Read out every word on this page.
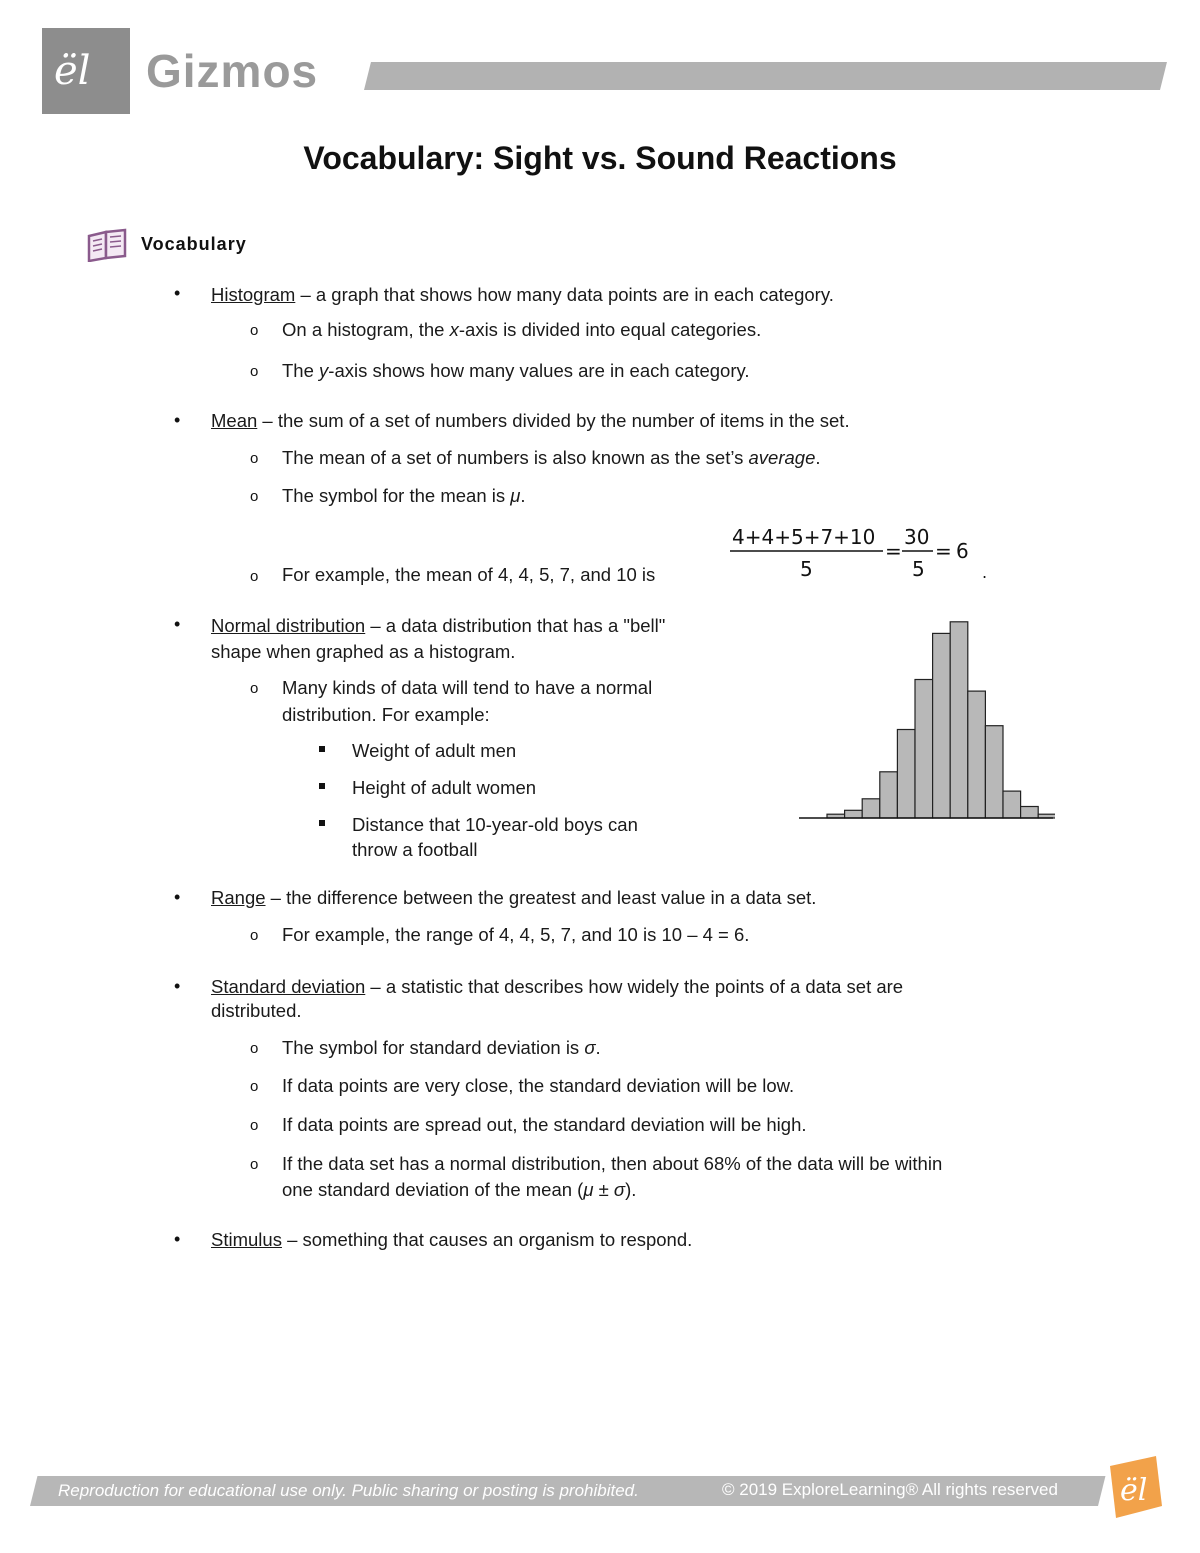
ël Gizmos
Vocabulary: Sight vs. Sound Reactions
Vocabulary
• Histogram – a graph that shows how many data points are in each category.
o On a histogram, the x-axis is divided into equal categories.
o The y-axis shows how many values are in each category.
• Mean – the sum of a set of numbers divided by the number of items in the set.
o The mean of a set of numbers is also known as the set’s average.
o The symbol for the mean is μ.
o For example, the mean of 4, 4, 5, 7, and 10 is
4+4+5+7+10
5
=
30
5
= 6
.
• Normal distribution – a data distribution that has a "bell"
shape when graphed as a histogram.
o Many kinds of data will tend to have a normal
distribution. For example:
Weight of adult men
Height of adult women
Distance that 10-year-old boys can
throw a football
• Range – the difference between the greatest and least value in a data set.
o For example, the range of 4, 4, 5, 7, and 10 is 10 – 4 = 6.
• Standard deviation – a statistic that describes how widely the points of a data set are
distributed.
o The symbol for standard deviation is σ.
o If data points are very close, the standard deviation will be low.
o If data points are spread out, the standard deviation will be high.
o If the data set has a normal distribution, then about 68% of the data will be within
one standard deviation of the mean (μ ± σ).
• Stimulus – something that causes an organism to respond.
Reproduction for educational use only. Public sharing or posting is prohibited.	© 2019 ExploreLearning® All rights reserved ël
